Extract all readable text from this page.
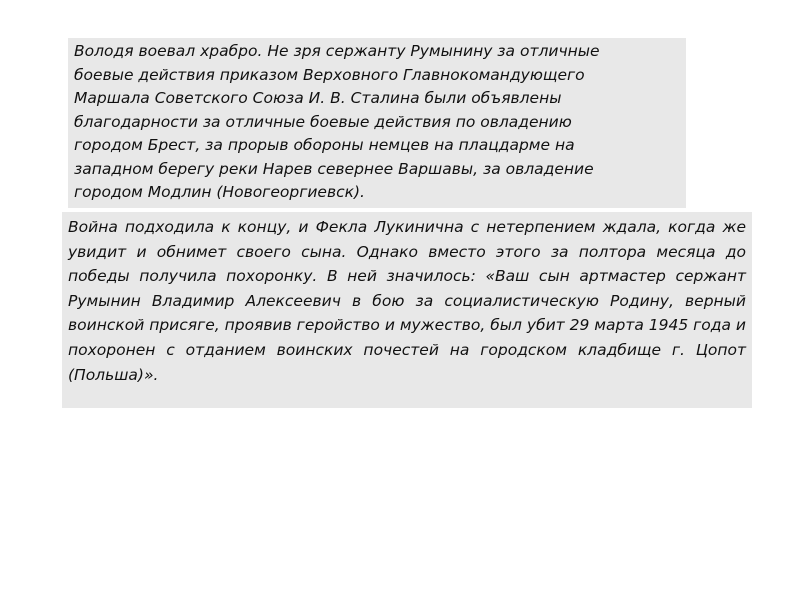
Володя воевал храбро. Не зря сержанту Румынину за отличные
боевые действия приказом Верховного Главнокомандующего
Маршала Советского Союза И. В. Сталина были объявлены
благодарности за отличные боевые действия по овладению
городом Брест, за прорыв обороны немцев на плацдарме на
западном берегу реки Нарев севернее Варшавы, за овладение
городом Модлин (Новогеоргиевск).

Война подходила к концу, и Фекла Лукинична с нетерпением ждала, когда же увидит и обнимет своего сына. Однако вместо этого за полтора месяца до победы получила похоронку. В ней значилось: «Ваш сын артмастер сержант Румынин Владимир Алексеевич в бою за социалистическую Родину, верный воинской присяге, проявив геройство и мужество, был убит 29 марта 1945 года и похоронен с отданием воинских почестей на городском кладбище г. Цопот (Польша)».
